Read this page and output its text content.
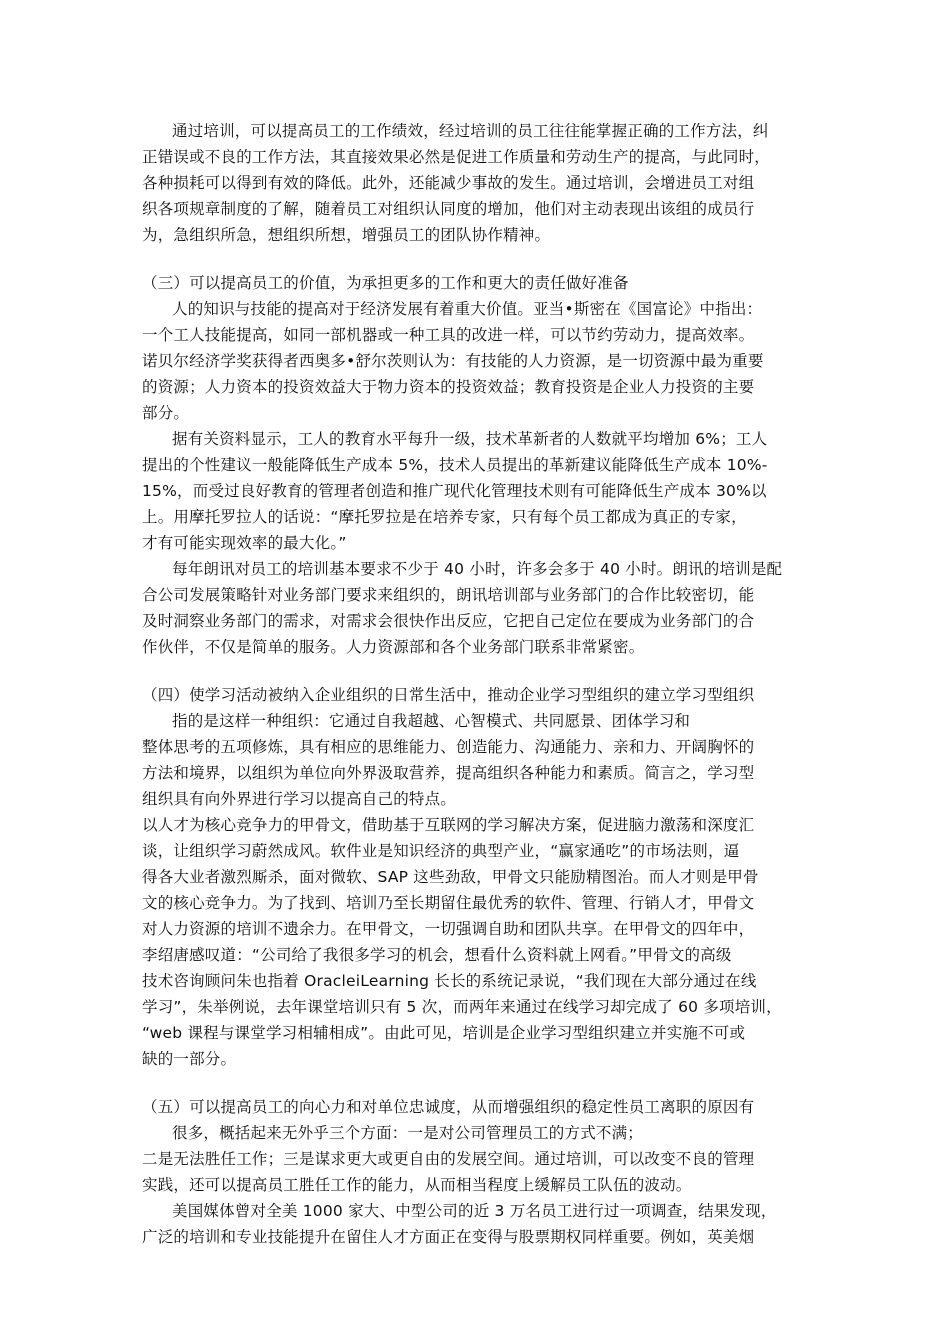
通过培训，可以提高员工的工作绩效，经过培训的员工往往能掌握正确的工作方法，纠
正错误或不良的工作方法，其直接效果必然是促进工作质量和劳动生产的提高，与此同时，
各种损耗可以得到有效的降低。此外，还能减少事故的发生。通过培训，会增进员工对组
织各项规章制度的了解，随着员工对组织认同度的增加，他们对主动表现出该组的成员行
为，急组织所急，想组织所想，增强员工的团队协作精神。
（三）可以提高员工的价值，为承担更多的工作和更大的责任做好准备
人的知识与技能的提高对于经济发展有着重大价值。亚当•斯密在《国富论》中指出：
一个工人技能提高，如同一部机器或一种工具的改进一样，可以节约劳动力，提高效率。
诺贝尔经济学奖获得者西奥多•舒尔茨则认为：有技能的人力资源，是一切资源中最为重要
的资源；人力资本的投资效益大于物力资本的投资效益；教育投资是企业人力投资的主要
部分。
据有关资料显示，工人的教育水平每升一级，技术革新者的人数就平均增加 6%；工人
提出的个性建议一般能降低生产成本 5%，技术人员提出的革新建议能降低生产成本 10%-
15%，而受过良好教育的管理者创造和推广现代化管理技术则有可能降低生产成本 30%以
上。用摩托罗拉人的话说：“摩托罗拉是在培养专家，只有每个员工都成为真正的专家，
才有可能实现效率的最大化。”
每年朗讯对员工的培训基本要求不少于 40 小时，许多会多于 40 小时。朗讯的培训是配
合公司发展策略针对业务部门要求来组织的，朗讯培训部与业务部门的合作比较密切，能
及时洞察业务部门的需求，对需求会很快作出反应，它把自己定位在要成为业务部门的合
作伙伴，不仅是简单的服务。人力资源部和各个业务部门联系非常紧密。
（四）使学习活动被纳入企业组织的日常生活中，推动企业学习型组织的建立学习型组织
指的是这样一种组织：它通过自我超越、心智模式、共同愿景、团体学习和
整体思考的五项修炼，具有相应的思维能力、创造能力、沟通能力、亲和力、开阔胸怀的
方法和境界，以组织为单位向外界汲取营养，提高组织各种能力和素质。简言之，学习型
组织具有向外界进行学习以提高自己的特点。
以人才为核心竞争力的甲骨文，借助基于互联网的学习解决方案，促进脑力激荡和深度汇
谈，让组织学习蔚然成风。软件业是知识经济的典型产业，“赢家通吃”的市场法则，逼
得各大业者激烈厮杀，面对微软、SAP 这些劲敌，甲骨文只能励精图治。而人才则是甲骨
文的核心竞争力。为了找到、培训乃至长期留住最优秀的软件、管理、行销人才，甲骨文
对人力资源的培训不遗余力。在甲骨文，一切强调自助和团队共享。在甲骨文的四年中，
李绍唐感叹道：“公司给了我很多学习的机会，想看什么资料就上网看。”甲骨文的高级
技术咨询顾问朱也指着 OracleiLearning 长长的系统记录说，“我们现在大部分通过在线
学习”，朱举例说，去年课堂培训只有 5 次，而两年来通过在线学习却完成了 60 多项培训，
“web 课程与课堂学习相辅相成”。由此可见，培训是企业学习型组织建立并实施不可或
缺的一部分。
（五）可以提高员工的向心力和对单位忠诚度，从而增强组织的稳定性员工离职的原因有
很多，概括起来无外乎三个方面：一是对公司管理员工的方式不满；
二是无法胜任工作；三是谋求更大或更自由的发展空间。通过培训，可以改变不良的管理
实践，还可以提高员工胜任工作的能力，从而相当程度上缓解员工队伍的波动。
美国媒体曾对全美 1000 家大、中型公司的近 3 万名员工进行过一项调查，结果发现，
广泛的培训和专业技能提升在留住人才方面正在变得与股票期权同样重要。例如，英美烟
